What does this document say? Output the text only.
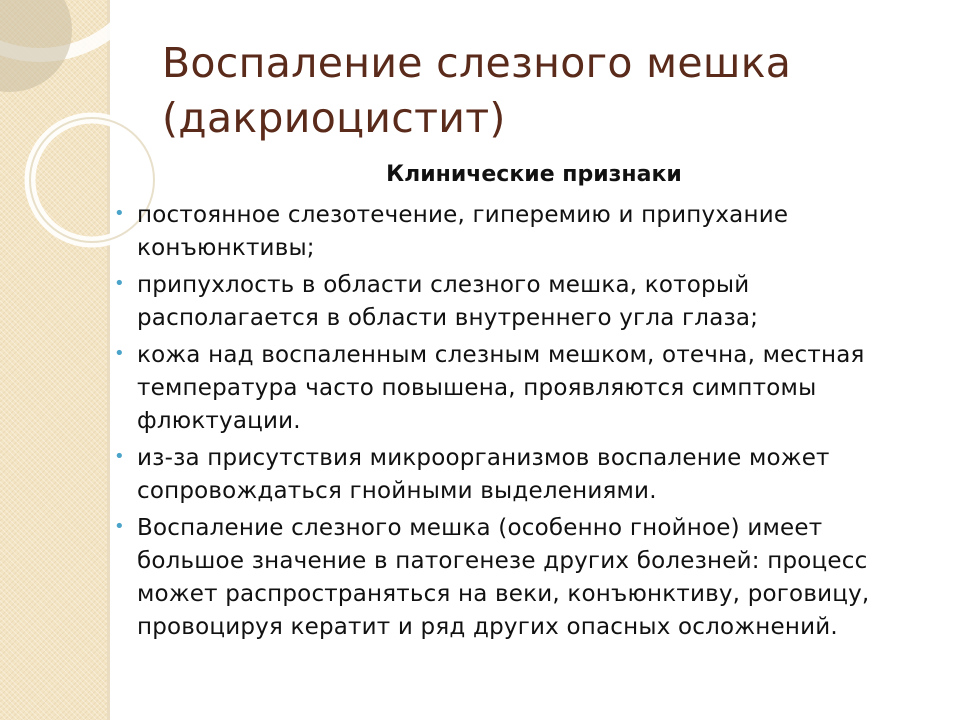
Воспаление слезного мешка
(дакриоцистит)
Клинические признаки
• постоянное слезотечение, гиперемию и припухание конъюнктивы;
• припухлость в области слезного мешка, который располагается в области внутреннего угла глаза;
• кожа над воспаленным слезным мешком, отечна, местная температура часто повышена, проявляются симптомы флюктуации.
• из-за присутствия микроорганизмов воспаление может сопровождаться гнойными выделениями.
• Воспаление слезного мешка (особенно гнойное) имеет большое значение в патогенезе других болезней: процесс может распространяться на веки, конъюнктиву, роговицу, провоцируя кератит и ряд других опасных осложнений.
